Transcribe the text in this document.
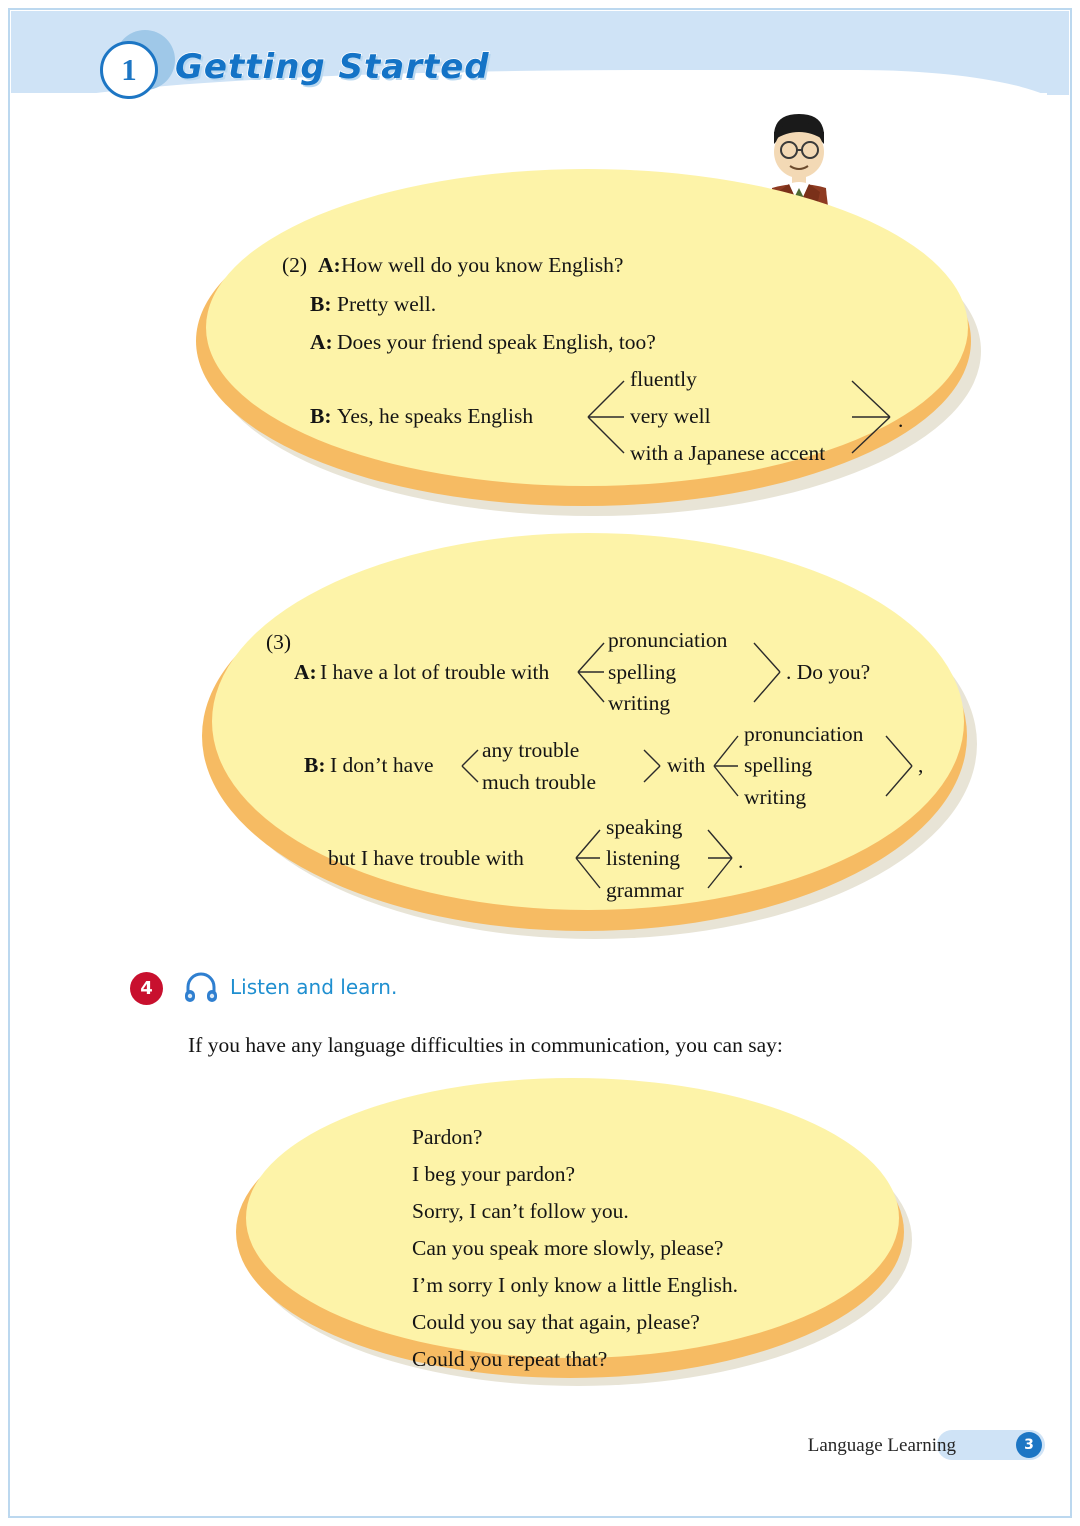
1	Getting Started
(2) A: How well do you know English?
B: Pretty well.
A: Does your friend speak English, too?
B: Yes, he speaks English
fluently
very well
with a Japanese accent
.
(3)
A: I have a lot of trouble with
pronunciation
spelling
writing
. Do you?
B: I don’t have
any trouble
much trouble
with
pronunciation
spelling
writing
,
but I have trouble with
speaking
listening
grammar
.
4	Listen and learn.
If you have any language difficulties in communication, you can say:
Pardon?
I beg your pardon?
Sorry, I can’t follow you.
Can you speak more slowly, please?
I’m sorry I only know a little English.
Could you say that again, please?
Could you repeat that?
Language Learning	3
